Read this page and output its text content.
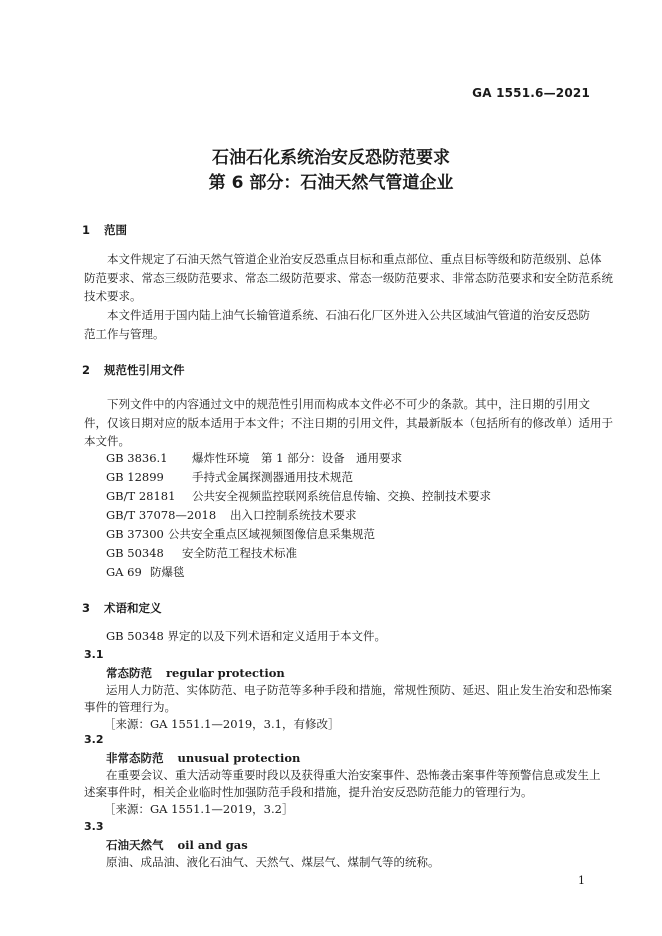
GA 1551.6—2021
石油石化系统治安反恐防范要求
第 6 部分：石油天然气管道企业
1 范围

本文件规定了石油天然气管道企业治安反恐重点目标和重点部位、重点目标等级和防范级别、总体
防范要求、常态三级防范要求、常态二级防范要求、常态一级防范要求、非常态防范要求和安全防范系统
技术要求。

本文件适用于国内陆上油气长输管道系统、石油石化厂区外进入公共区域油气管道的治安反恐防
范工作与管理。

2 规范性引用文件

下列文件中的内容通过文中的规范性引用而构成本文件必不可少的条款。其中，注日期的引用文
件，仅该日期对应的版本适用于本文件；不注日期的引用文件，其最新版本（包括所有的修改单）适用于
本文件。

GB 3836.1 爆炸性环境　第 1 部分：设备　通用要求
GB 12899 手持式金属探测器通用技术规范
GB/T 28181 公共安全视频监控联网系统信息传输、交换、控制技术要求
GB/T 37078—2018 出入口控制系统技术要求
GB 37300 公共安全重点区域视频图像信息采集规范
GB 50348 安全防范工程技术标准
GA 69 防爆毯
3 术语和定义
GB 50348 界定的以及下列术语和定义适用于本文件。
3.1
常态防范 regular protection
运用人力防范、实体防范、电子防范等多种手段和措施，常规性预防、延迟、阻止发生治安和恐怖案
事件的管理行为。
［来源：GA 1551.1—2019，3.1，有修改］
3.2
非常态防范 unusual protection
在重要会议、重大活动等重要时段以及获得重大治安案事件、恐怖袭击案事件等预警信息或发生上
述案事件时，相关企业临时性加强防范手段和措施，提升治安反恐防范能力的管理行为。
［来源：GA 1551.1—2019，3.2］
3.3
石油天然气 oil and gas
原油、成品油、液化石油气、天然气、煤层气、煤制气等的统称。
1
